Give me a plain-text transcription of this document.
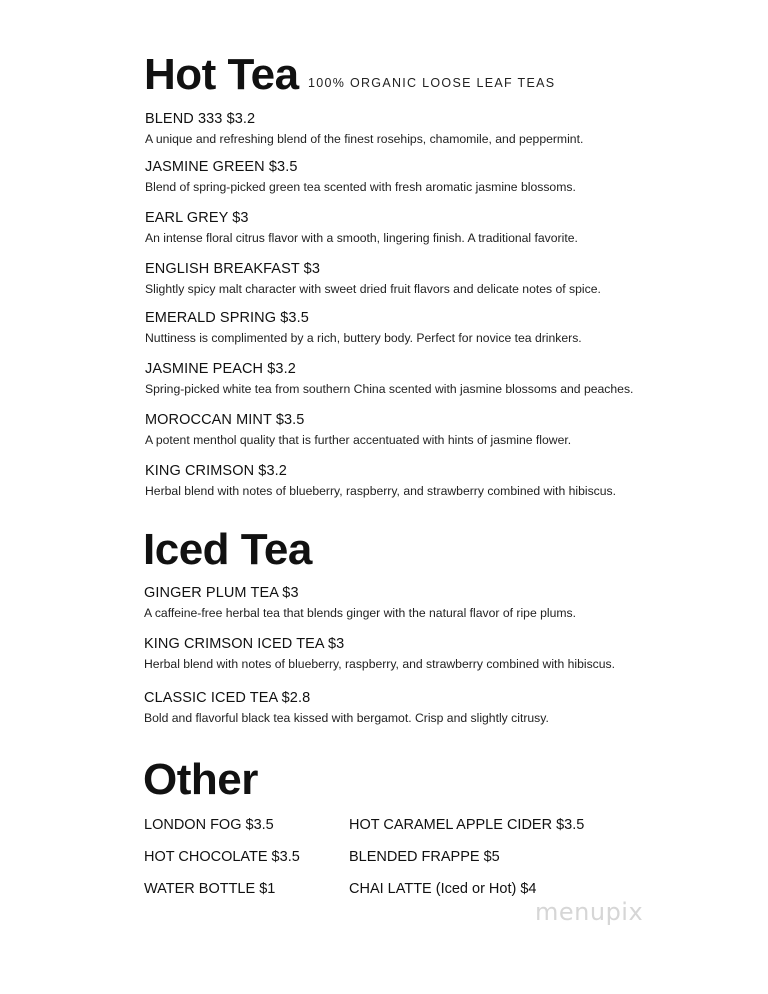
Hot Tea 100% ORGANIC LOOSE LEAF TEAS
BLEND 333 $3.2
A unique and refreshing blend of the finest rosehips, chamomile, and peppermint.
JASMINE GREEN $3.5
Blend of spring-picked green tea scented with fresh aromatic jasmine blossoms.
EARL GREY $3
An intense floral citrus flavor with a smooth, lingering finish. A traditional favorite.
ENGLISH BREAKFAST $3
Slightly spicy malt character with sweet dried fruit flavors and delicate notes of spice.
EMERALD SPRING $3.5
Nuttiness is complimented by a rich, buttery body. Perfect for novice tea drinkers.
JASMINE PEACH $3.2
Spring-picked white tea from southern China scented with jasmine blossoms and peaches.
MOROCCAN MINT $3.5
A potent menthol quality that is further accentuated with hints of jasmine flower.
KING CRIMSON $3.2
Herbal blend with notes of blueberry, raspberry, and strawberry combined with hibiscus.
Iced Tea
GINGER PLUM TEA $3
A caffeine-free herbal tea that blends ginger with the natural flavor of ripe plums.
KING CRIMSON ICED TEA $3
Herbal blend with notes of blueberry, raspberry, and strawberry combined with hibiscus.
CLASSIC ICED TEA $2.8
Bold and flavorful black tea kissed with bergamot. Crisp and slightly citrusy.
Other
LONDON FOG $3.5
HOT CHOCOLATE $3.5
WATER BOTTLE $1
HOT CARAMEL APPLE CIDER $3.5
BLENDED FRAPPE $5
CHAI LATTE (Iced or Hot) $4
menupix
